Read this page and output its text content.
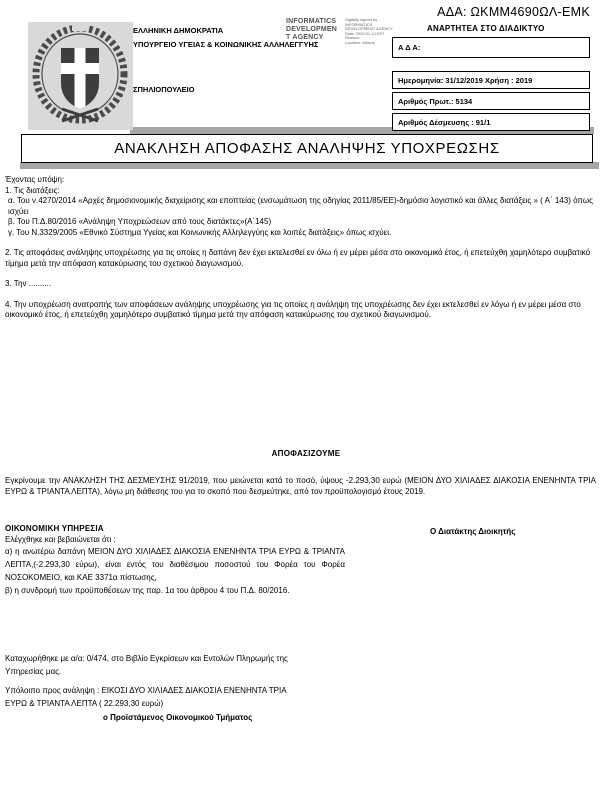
ΕΛΛΗΝΙΚΗ ΔΗΜΟΚΡΑΤΙΑ
ΥΠΟΥΡΓΕΙΟ ΥΓΕΙΑΣ & ΚΟΙΝΩΝΙΚΗΣ ΑΛΛΗΛΕΓΓΥΗΣ
ΣΠΗΛΙΟΠΟΥΛΕΙΟ
INFORMATICS
DEVELOPMEN
T AGENCY
Digitally signed by
INFORMATICS
DEVELOPMENT AGENCY
Date: 2020.01.10 EET
Reason:
Location: Athens
ΑΔΑ: ΩΚΜΜ4690ΩΛ-ΕΜΚ
ΑΝΑΡΤΗΤΕΑ ΣΤΟ ΔΙΑΔΙΚΤΥΟ
Α Δ Α:
Ημερομηνία: 31/12/2019 Χρήση : 2019
Αριθμός Πρωτ.: 5134
Αριθμός Δέσμευσης : 91/1
ΑΝΑΚΛΗΣΗ ΑΠΟΦΑΣΗΣ ΑΝΑΛΗΨΗΣ ΥΠΟΧΡΕΩΣΗΣ

Έχοντας υπόψη:

1. Τις διατάξεις:

α. Του ν.4270/2014 «Αρχές δημοσιονομικής διαχείρισης και εποπτείας (ενσωμάτωση της οδηγίας 2011/85/ΕΕ)-δημόσιο λογιστικό και άλλες διατάξεις » ( Α΄ 143) όπως ισχύει

β. Του Π.Δ.80/2016 «Ανάληψη Υποχρεώσεων από τους διατάκτες»(Α΄145)

γ. Του Ν.3329/2005 «Εθνικό Σύστημα Υγείας και Κοινωνικής Αλληλεγγύης και λοιπές διατάξεις» όπως ισχύει.

2. Τις αποφάσεις ανάληψης υποχρέωσης για τις οποίες η δαπάνη δεν έχει εκτελεσθεί εν όλω ή εν μέρει μέσα στο οικονομικό έτος, ή επετεύχθη χαμηλότερο συμβατικό τίμημα μετά την απόφαση κατακύρωσης του σχετικού διαγωνισμού.

3. Την ..........

4. Την υποχρέωση ανατροπής των αποφάσεων ανάληψης υποχρέωσης για τις οποίες η ανάληψη της υποχρέωσης δεν έχει εκτελεσθεί εν λόγω ή εν μέρει μέσα στο οικονομικό έτος, ή επετεύχθη χαμηλότερο συμβατικό τίμημα μετά την απόφαση κατακύρωσης του σχετικού διαγωνισμού.

ΑΠΟΦΑΣΙΖΟΥΜΕ
Εγκρίνουμε την ΑΝΑΚΛΗΣΗ ΤΗΣ ΔΕΣΜΕΥΣΗΣ 91/2019, που μειώνεται κατά το ποσό, ύψους -2.293,30 ευρώ (ΜΕΙΟΝ ΔΥΟ ΧΙΛΙΑΔΕΣ ΔΙΑΚΟΣΙΑ ΕΝΕΝΗΝΤΑ ΤΡΙΑ ΕΥΡΩ & ΤΡΙΑΝΤΑ ΛΕΠΤΑ), λόγω μη διάθεσης του για το σκοπό που δεσμεύτηκε, από τον προϋπολογισμό έτους 2019.
ΟΙΚΟΝΟΜΙΚΗ ΥΠΗΡΕΣΙΑ
Ελέγχθηκε και βεβαιώνεται ότι :

α) η ανωτέρω δαπάνη ΜΕΙΟΝ ΔΥΟ ΧΙΛΙΑΔΕΣ ΔΙΑΚΟΣΙΑ ΕΝΕΝΗΝΤΑ ΤΡΙΑ ΕΥΡΩ & ΤΡΙΑΝΤΑ ΛΕΠΤΑ,(-2.293,30 εύρω), είναι εντός του διαθέσιμου ποσοστού του Φορέα του Φορέα ΝΟΣΟΚΟΜΕΙΟ, και ΚΑΕ 3371α πίστωσης,

β) η συνδρομή των προϋποθέσεων της παρ. 1α του άρθρου 4 του Π.Δ. 80/2016.

Ο Διατάκτης Διοικητής
Καταχωρήθηκε με α/α: 0/474, στο Βιβλίο Εγκρίσεων και Εντολών Πληρωμής της Υπηρεσίας μας.
Υπόλοιπο προς ανάληψη : ΕΙΚΟΣΙ ΔΥΟ ΧΙΛΙΑΔΕΣ ΔΙΑΚΟΣΙΑ ΕΝΕΝΗΝΤΑ ΤΡΙΑ ΕΥΡΩ & ΤΡΙΑΝΤΑ ΛΕΠΤΑ ( 22.293,30 ευρώ)
ο Προϊστάμενος Οικονομικού Τμήματος
